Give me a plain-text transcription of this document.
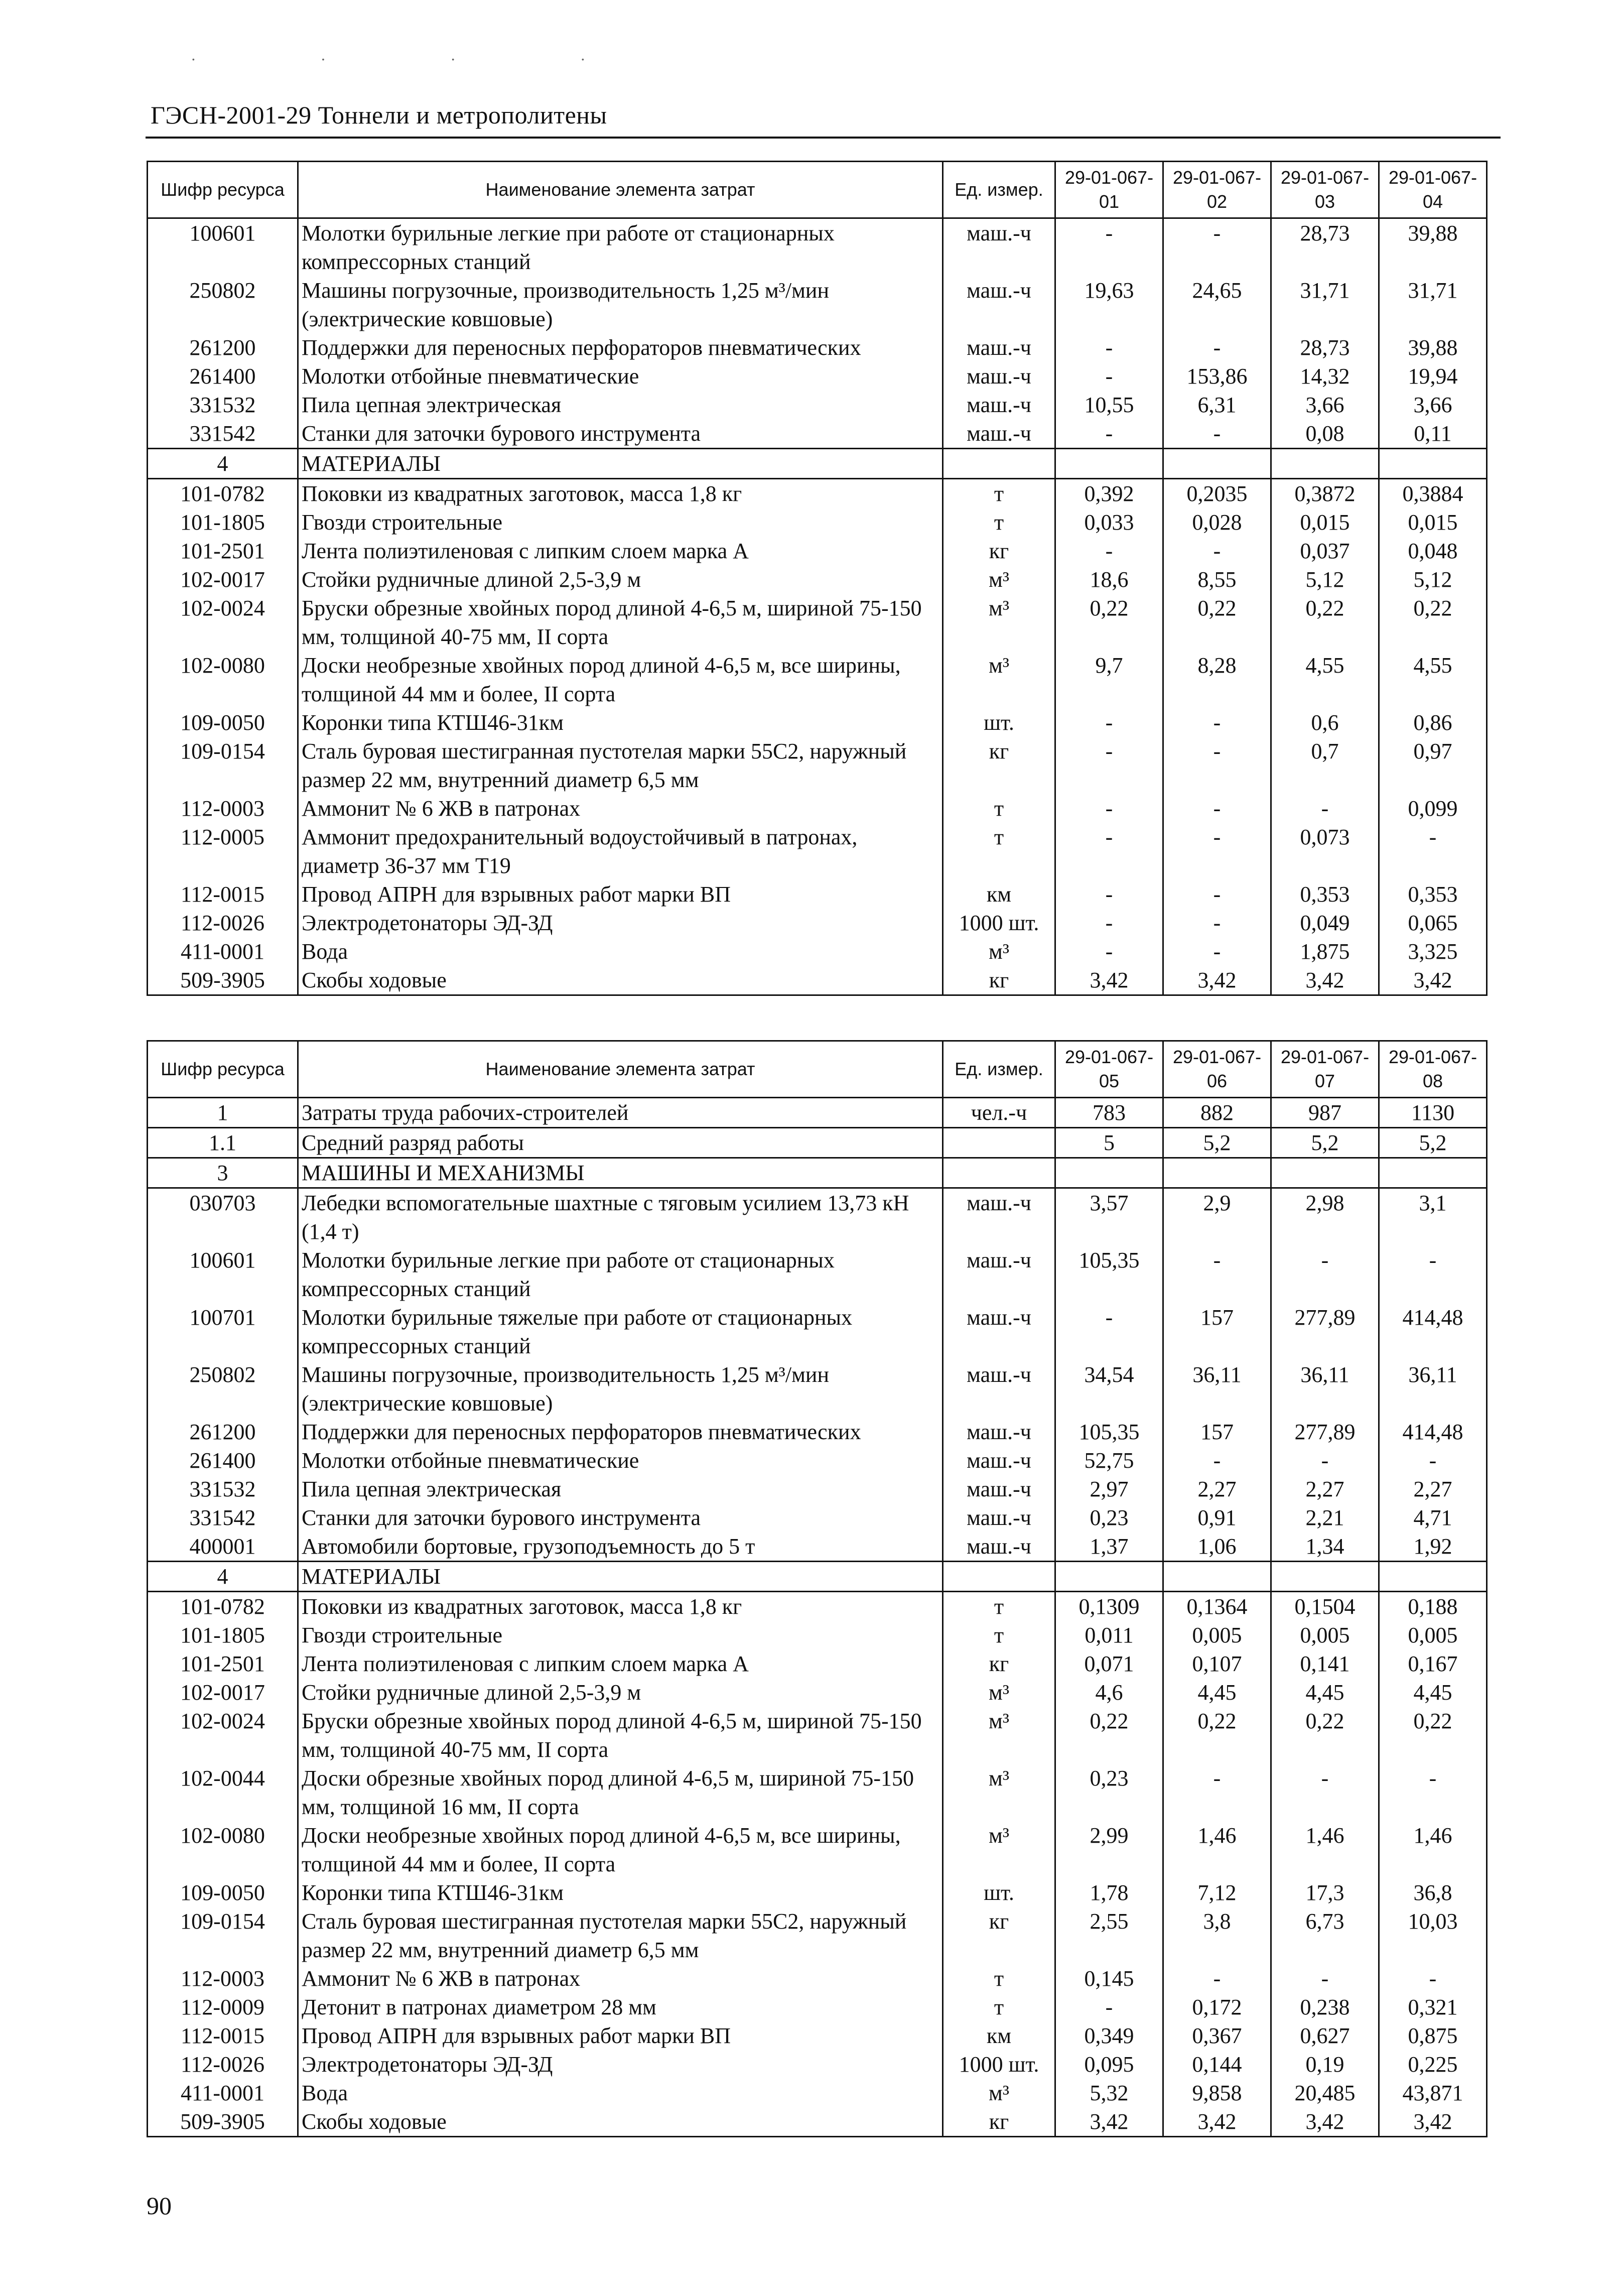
· · · ·
ГЭСН-2001-29 Тоннели и метрополитены
Шифр ресурса	Наименование элемента затрат	Ед. измер.	29-01-067-01	29-01-067-02	29-01-067-03	29-01-067-04
100601	Молотки бурильные легкие при работе от стационарных компрессорных станций	маш.-ч	-	-	28,73	39,88
250802	Машины погрузочные, производительность 1,25 м³/мин (электрические ковшовые)	маш.-ч	19,63	24,65	31,71	31,71
261200	Поддержки для переносных перфораторов пневматических	маш.-ч	-	-	28,73	39,88
261400	Молотки отбойные пневматические	маш.-ч	-	153,86	14,32	19,94
331532	Пила цепная электрическая	маш.-ч	10,55	6,31	3,66	3,66
331542	Станки для заточки бурового инструмента	маш.-ч	-	-	0,08	0,11
4	МАТЕРИАЛЫ					
101-0782	Поковки из квадратных заготовок, масса 1,8 кг	т	0,392	0,2035	0,3872	0,3884
101-1805	Гвозди строительные	т	0,033	0,028	0,015	0,015
101-2501	Лента полиэтиленовая с липким слоем марка А	кг	-	-	0,037	0,048
102-0017	Стойки рудничные длиной 2,5-3,9 м	м³	18,6	8,55	5,12	5,12
102-0024	Бруски обрезные хвойных пород длиной 4-6,5 м, шириной 75-150 мм, толщиной 40-75 мм, II сорта	м³	0,22	0,22	0,22	0,22
102-0080	Доски необрезные хвойных пород длиной 4-6,5 м, все ширины, толщиной 44 мм и более, II сорта	м³	9,7	8,28	4,55	4,55
109-0050	Коронки типа КТШ46-31км	шт.	-	-	0,6	0,86
109-0154	Сталь буровая шестигранная пустотелая марки 55С2, наружный размер 22 мм, внутренний диаметр 6,5 мм	кг	-	-	0,7	0,97
112-0003	Аммонит № 6 ЖВ в патронах	т	-	-	-	0,099
112-0005	Аммонит предохранительный водоустойчивый в патронах, диаметр 36-37 мм Т19	т	-	-	0,073	-
112-0015	Провод АПРН для взрывных работ марки ВП	км	-	-	0,353	0,353
112-0026	Электродетонаторы ЭД-ЗД	1000 шт.	-	-	0,049	0,065
411-0001	Вода	м³	-	-	1,875	3,325
509-3905	Скобы ходовые	кг	3,42	3,42	3,42	3,42
Шифр ресурса	Наименование элемента затрат	Ед. измер.	29-01-067-05	29-01-067-06	29-01-067-07	29-01-067-08
1	Затраты труда рабочих-строителей	чел.-ч	783	882	987	1130
1.1	Средний разряд работы		5	5,2	5,2	5,2
3	МАШИНЫ И МЕХАНИЗМЫ					
030703	Лебедки вспомогательные шахтные с тяговым усилием 13,73 кН (1,4 т)	маш.-ч	3,57	2,9	2,98	3,1
100601	Молотки бурильные легкие при работе от стационарных компрессорных станций	маш.-ч	105,35	-	-	-
100701	Молотки бурильные тяжелые при работе от стационарных компрессорных станций	маш.-ч	-	157	277,89	414,48
250802	Машины погрузочные, производительность 1,25 м³/мин (электрические ковшовые)	маш.-ч	34,54	36,11	36,11	36,11
261200	Поддержки для переносных перфораторов пневматических	маш.-ч	105,35	157	277,89	414,48
261400	Молотки отбойные пневматические	маш.-ч	52,75	-	-	-
331532	Пила цепная электрическая	маш.-ч	2,97	2,27	2,27	2,27
331542	Станки для заточки бурового инструмента	маш.-ч	0,23	0,91	2,21	4,71
400001	Автомобили бортовые, грузоподъемность до 5 т	маш.-ч	1,37	1,06	1,34	1,92
4	МАТЕРИАЛЫ					
101-0782	Поковки из квадратных заготовок, масса 1,8 кг	т	0,1309	0,1364	0,1504	0,188
101-1805	Гвозди строительные	т	0,011	0,005	0,005	0,005
101-2501	Лента полиэтиленовая с липким слоем марка А	кг	0,071	0,107	0,141	0,167
102-0017	Стойки рудничные длиной 2,5-3,9 м	м³	4,6	4,45	4,45	4,45
102-0024	Бруски обрезные хвойных пород длиной 4-6,5 м, шириной 75-150 мм, толщиной 40-75 мм, II сорта	м³	0,22	0,22	0,22	0,22
102-0044	Доски обрезные хвойных пород длиной 4-6,5 м, шириной 75-150 мм, толщиной 16 мм, II сорта	м³	0,23	-	-	-
102-0080	Доски необрезные хвойных пород длиной 4-6,5 м, все ширины, толщиной 44 мм и более, II сорта	м³	2,99	1,46	1,46	1,46
109-0050	Коронки типа КТШ46-31км	шт.	1,78	7,12	17,3	36,8
109-0154	Сталь буровая шестигранная пустотелая марки 55С2, наружный размер 22 мм, внутренний диаметр 6,5 мм	кг	2,55	3,8	6,73	10,03
112-0003	Аммонит № 6 ЖВ в патронах	т	0,145	-	-	-
112-0009	Детонит в патронах диаметром 28 мм	т	-	0,172	0,238	0,321
112-0015	Провод АПРН для взрывных работ марки ВП	км	0,349	0,367	0,627	0,875
112-0026	Электродетонаторы ЭД-ЗД	1000 шт.	0,095	0,144	0,19	0,225
411-0001	Вода	м³	5,32	9,858	20,485	43,871
509-3905	Скобы ходовые	кг	3,42	3,42	3,42	3,42
90
